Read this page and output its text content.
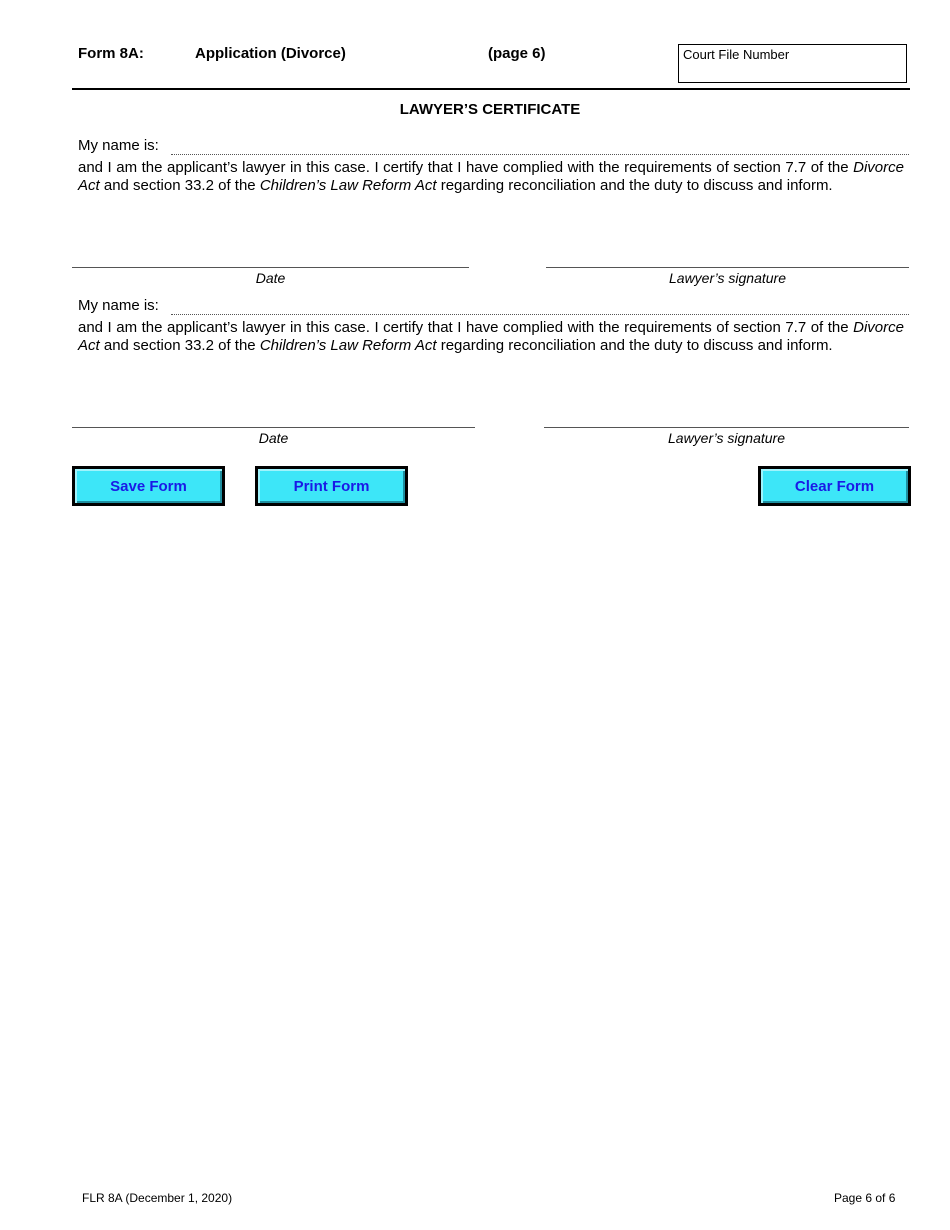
Form 8A:	Application (Divorce)	(page 6)	Court File Number
LAWYER’S CERTIFICATE
My name is:
and I am the applicant’s lawyer in this case. I certify that I have complied with the requirements of section 7.7 of the Divorce Act and section 33.2 of the Children’s Law Reform Act regarding reconciliation and the duty to discuss and inform.
Date	Lawyer’s signature
My name is:
and I am the applicant’s lawyer in this case. I certify that I have complied with the requirements of section 7.7 of the Divorce Act and section 33.2 of the Children’s Law Reform Act regarding reconciliation and the duty to discuss and inform.
Date	Lawyer’s signature
Save Form	Print Form	Clear Form
FLR 8A (December 1, 2020)	Page 6 of 6
